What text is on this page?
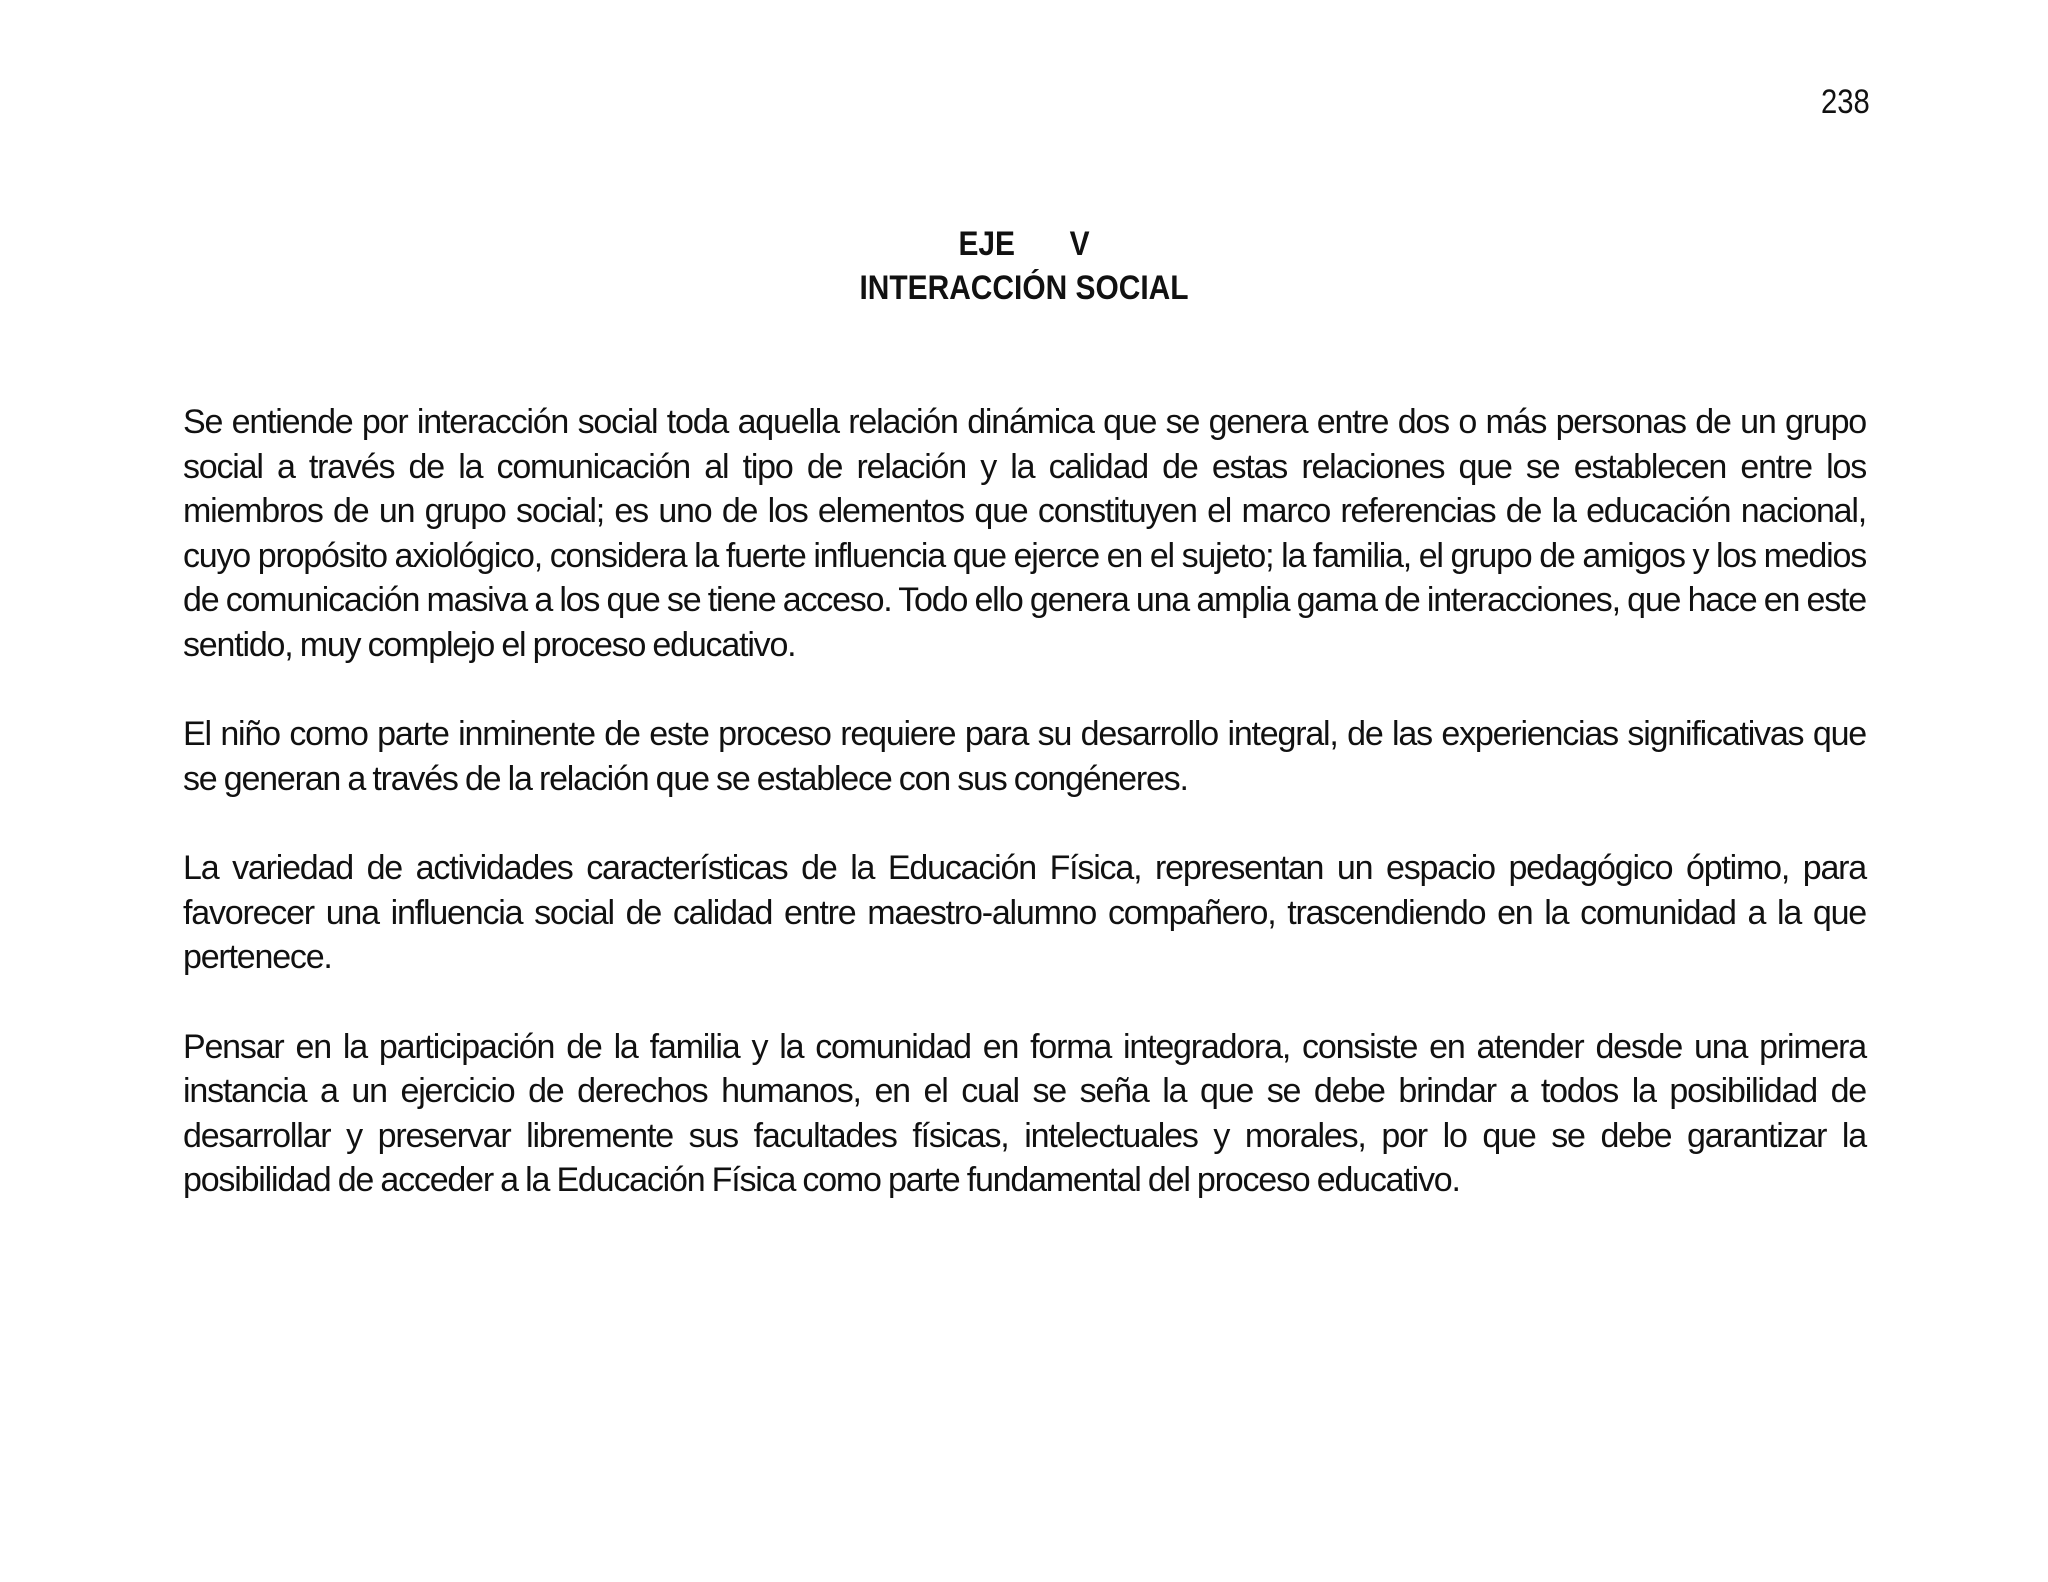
238
EJE V
INTERACCIÓN SOCIAL

Se entiende por interacción social toda aquella relación dinámica que se genera entre dos o más personas de un grupo social a través de la comunicación al tipo de relación y la calidad de estas relaciones que se establecen entre los miembros de un grupo social; es uno de los elementos que constituyen el marco referencias de la educación nacional, cuyo propósito axiológico, considera la fuerte influencia que ejerce en el sujeto; la familia, el grupo de amigos y los medios de comunicación masiva a los que se tiene acceso. Todo ello genera una amplia gama de interacciones, que hace en este sentido, muy complejo el proceso educativo.

El niño como parte inminente de este proceso requiere para su desarrollo integral, de las experiencias significativas que se generan a través de la relación que se establece con sus congéneres.

La variedad de actividades características de la Educación Física, representan un espacio pedagógico óptimo, para favorecer una influencia social de calidad entre maestro-alumno compañero, trascendiendo en la comunidad a la que pertenece.

Pensar en la participación de la familia y la comunidad en forma integradora, consiste en atender desde una primera instancia a un ejercicio de derechos humanos, en el cual se seña la que se debe brindar a todos la posibilidad de desarrollar y preservar libremente sus facultades físicas, intelectuales y morales, por lo que se debe garantizar la posibilidad de acceder a la Educación Física como parte fundamental del proceso educativo.
